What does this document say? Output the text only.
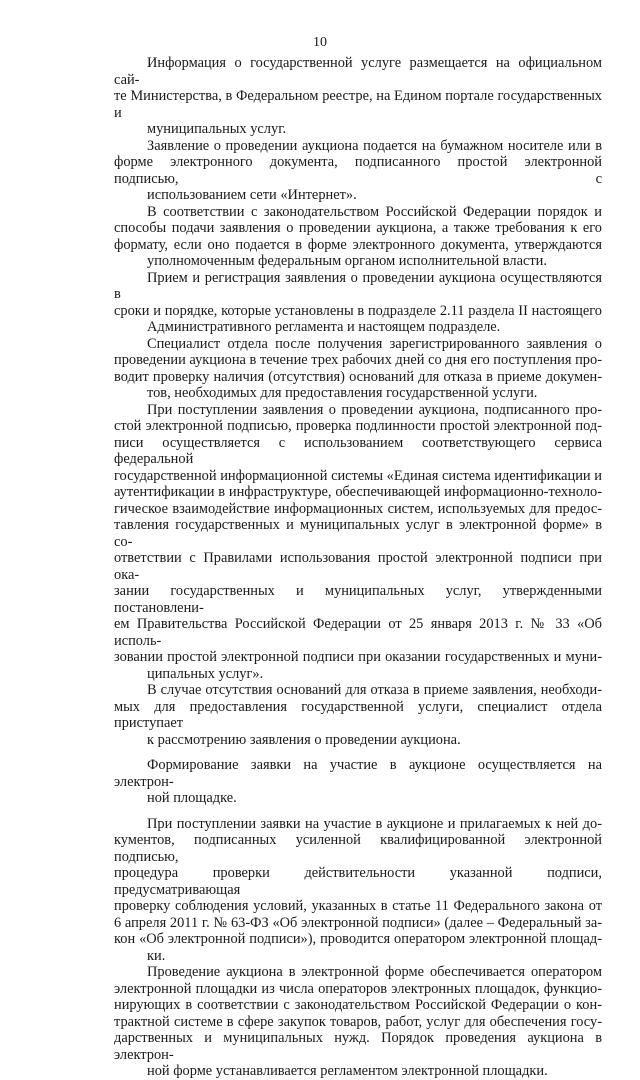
10

Информация о государственной услуге размещается на официальном сай-
те Министерства, в Федеральном реестре, на Едином портале государственных и
муниципальных услуг.

Заявление о проведении аукциона подается на бумажном носителе или в
форме электронного документа, подписанного простой электронной подписью, с
использованием сети «Интернет».

В соответствии с законодательством Российской Федерации порядок и
способы подачи заявления о проведении аукциона, а также требования к его
формату, если оно подается в форме электронного документа, утверждаются
уполномоченным федеральным органом исполнительной власти.

Прием и регистрация заявления о проведении аукциона осуществляются в
сроки и порядке, которые установлены в подразделе 2.11 раздела II настоящего
Административного регламента и настоящем подразделе.

Специалист отдела после получения зарегистрированного заявления о
проведении аукциона в течение трех рабочих дней со дня его поступления про-
водит проверку наличия (отсутствия) оснований для отказа в приеме докумен-
тов, необходимых для предоставления государственной услуги.

При поступлении заявления о проведении аукциона, подписанного про-
стой электронной подписью, проверка подлинности простой электронной под-
писи осуществляется с использованием соответствующего сервиса федеральной
государственной информационной системы «Единая система идентификации и
аутентификации в инфраструктуре, обеспечивающей информационно-техноло-
гическое взаимодействие информационных систем, используемых для предос-
тавления государственных и муниципальных услуг в электронной форме» в со-
ответствии с Правилами использования простой электронной подписи при ока-
зании государственных и муниципальных услуг, утвержденными постановлени-
ем Правительства Российской Федерации от 25 января 2013 г. № 33 «Об исполь-
зовании простой электронной подписи при оказании государственных и муни-
ципальных услуг».

В случае отсутствия оснований для отказа в приеме заявления, необходи-
мых для предоставления государственной услуги, специалист отдела приступает
к рассмотрению заявления о проведении аукциона.

Формирование заявки на участие в аукционе осуществляется на электрон-
ной площадке.

При поступлении заявки на участие в аукционе и прилагаемых к ней до-
кументов, подписанных усиленной квалифицированной электронной подписью,
процедура проверки действительности указанной подписи, предусматривающая
проверку соблюдения условий, указанных в статье 11 Федерального закона от
6 апреля 2011 г. № 63-ФЗ «Об электронной подписи» (далее – Федеральный за-
кон «Об электронной подписи»), проводится оператором электронной площад-
ки.

Проведение аукциона в электронной форме обеспечивается оператором
электронной площадки из числа операторов электронных площадок, функцио-
нирующих в соответствии с законодательством Российской Федерации о кон-
трактной системе в сфере закупок товаров, работ, услуг для обеспечения госу-
дарственных и муниципальных нужд. Порядок проведения аукциона в электрон-
ной форме устанавливается регламентом электронной площадки.
